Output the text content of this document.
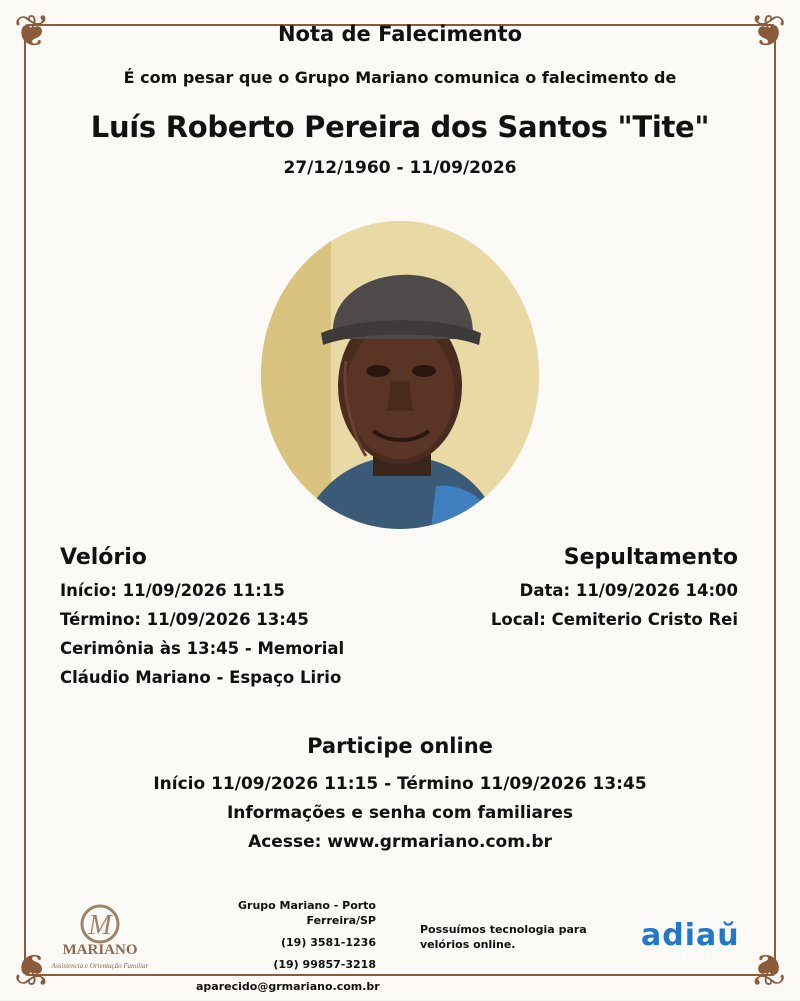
❦	❦
❦	❦
Nota de Falecimento
É com pesar que o Grupo Mariano comunica o falecimento de
Luís Roberto Pereira dos Santos "Tite"
27/12/1960 - 11/09/2026
Velório
Início: 11/09/2026 11:15
Término: 11/09/2026 13:45
Cerimônia às 13:45 - Memorial
Cláudio Mariano - Espaço Lirio
Sepultamento
Data: 11/09/2026 14:00
Local: Cemiterio Cristo Rei
Participe online
Início 11/09/2026 11:15 - Término 11/09/2026 13:45
Informações e senha com familiares
Acesse: www.grmariano.com.br
M
MARIANO
Assistencia e Orientação Familiar
Grupo Mariano - Porto Ferreira/SP
(19) 3581-1236
(19) 99857-3218
aparecido@grmariano.com.br
Possuímos tecnologia para velórios online.	adiaŭ
